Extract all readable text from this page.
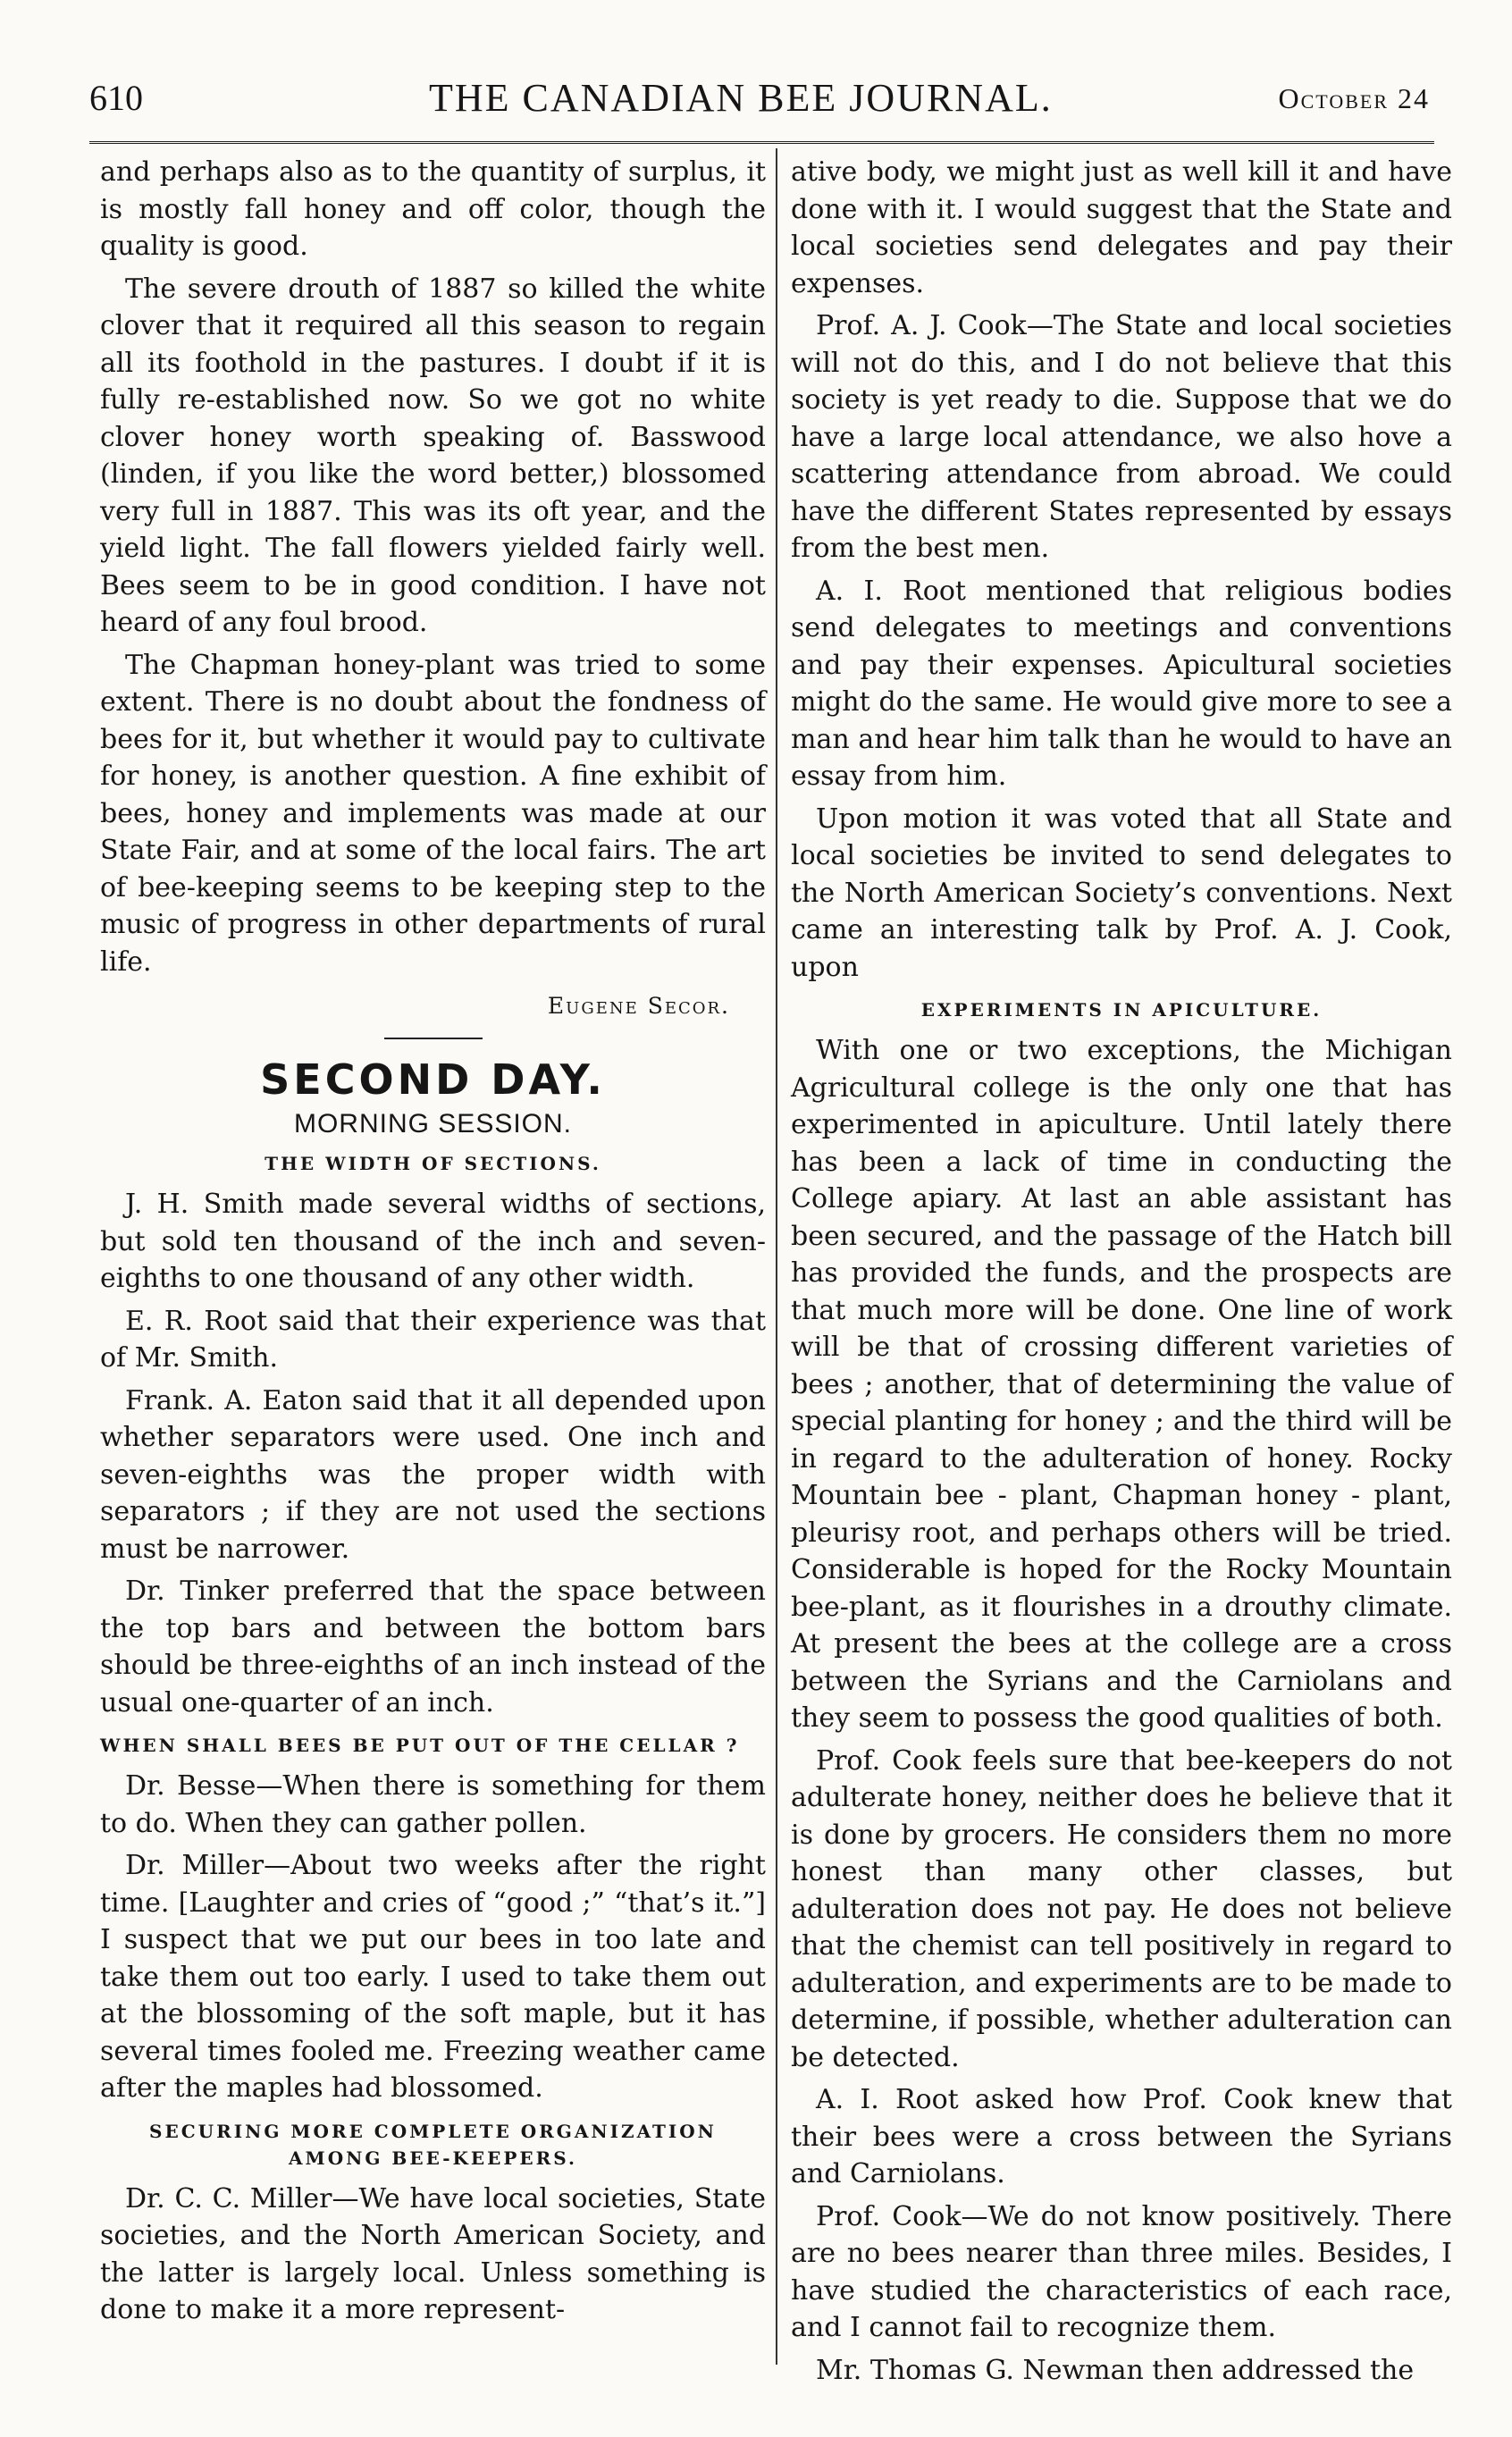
610	THE CANADIAN BEE JOURNAL.	October 24

and perhaps also as to the quantity of surplus, it is mostly fall honey and off color, though the quality is good.

The severe drouth of 1887 so killed the white clover that it required all this season to regain all its foothold in the pastures. I doubt if it is fully re-established now. So we got no white clover honey worth speaking of. Basswood (linden, if you like the word better,) blossomed very full in 1887. This was its oft year, and the yield light. The fall flowers yielded fairly well. Bees seem to be in good condition. I have not heard of any foul brood.

The Chapman honey-plant was tried to some extent. There is no doubt about the fondness of bees for it, but whether it would pay to cultivate for honey, is another question. A fine exhibit of bees, honey and implements was made at our State Fair, and at some of the local fairs. The art of bee-keeping seems to be keeping step to the music of progress in other departments of rural life.

Eugene Secor.
SECOND DAY.
MORNING SESSION.
THE WIDTH OF SECTIONS.

J. H. Smith made several widths of sections, but sold ten thousand of the inch and seven-eighths to one thousand of any other width.

E. R. Root said that their experience was that of Mr. Smith.

Frank. A. Eaton said that it all depended upon whether separators were used. One inch and seven-eighths was the proper width with separators ; if they are not used the sections must be narrower.

Dr. Tinker preferred that the space between the top bars and between the bottom bars should be three-eighths of an inch instead of the usual one-quarter of an inch.

WHEN SHALL BEES BE PUT OUT OF THE CELLAR ?

Dr. Besse—When there is something for them to do. When they can gather pollen.

Dr. Miller—About two weeks after the right time. [Laughter and cries of “good ;” “that’s it.”] I suspect that we put our bees in too late and take them out too early. I used to take them out at the blossoming of the soft maple, but it has several times fooled me. Freezing weather came after the maples had blossomed.

SECURING MORE COMPLETE ORGANIZATION AMONG BEE-KEEPERS.

Dr. C. C. Miller—We have local societies, State societies, and the North American Society, and the latter is largely local. Unless something is done to make it a more represent-

ative body, we might just as well kill it and have done with it. I would suggest that the State and local societies send delegates and pay their expenses.

Prof. A. J. Cook—The State and local societies will not do this, and I do not believe that this society is yet ready to die. Suppose that we do have a large local attendance, we also hove a scattering attendance from abroad. We could have the different States represented by essays from the best men.

A. I. Root mentioned that religious bodies send delegates to meetings and conventions and pay their expenses. Apicultural societies might do the same. He would give more to see a man and hear him talk than he would to have an essay from him.

Upon motion it was voted that all State and local societies be invited to send delegates to the North American Society’s conventions. Next came an interesting talk by Prof. A. J. Cook, upon

EXPERIMENTS IN APICULTURE.

With one or two exceptions, the Michigan Agricultural college is the only one that has experimented in apiculture. Until lately there has been a lack of time in conducting the College apiary. At last an able assistant has been secured, and the passage of the Hatch bill has provided the funds, and the prospects are that much more will be done. One line of work will be that of crossing different varieties of bees ; another, that of determining the value of special planting for honey ; and the third will be in regard to the adulteration of honey. Rocky Mountain bee - plant, Chapman honey - plant, pleurisy root, and perhaps others will be tried. Considerable is hoped for the Rocky Mountain bee-plant, as it flourishes in a drouthy climate. At present the bees at the college are a cross between the Syrians and the Carniolans and they seem to possess the good qualities of both.

Prof. Cook feels sure that bee-keepers do not adulterate honey, neither does he believe that it is done by grocers. He considers them no more honest than many other classes, but adulteration does not pay. He does not believe that the chemist can tell positively in regard to adulteration, and experiments are to be made to determine, if possible, whether adulteration can be detected.

A. I. Root asked how Prof. Cook knew that their bees were a cross between the Syrians and Carniolans.

Prof. Cook—We do not know positively. There are no bees nearer than three miles. Besides, I have studied the characteristics of each race, and I cannot fail to recognize them.

Mr. Thomas G. Newman then addressed the
